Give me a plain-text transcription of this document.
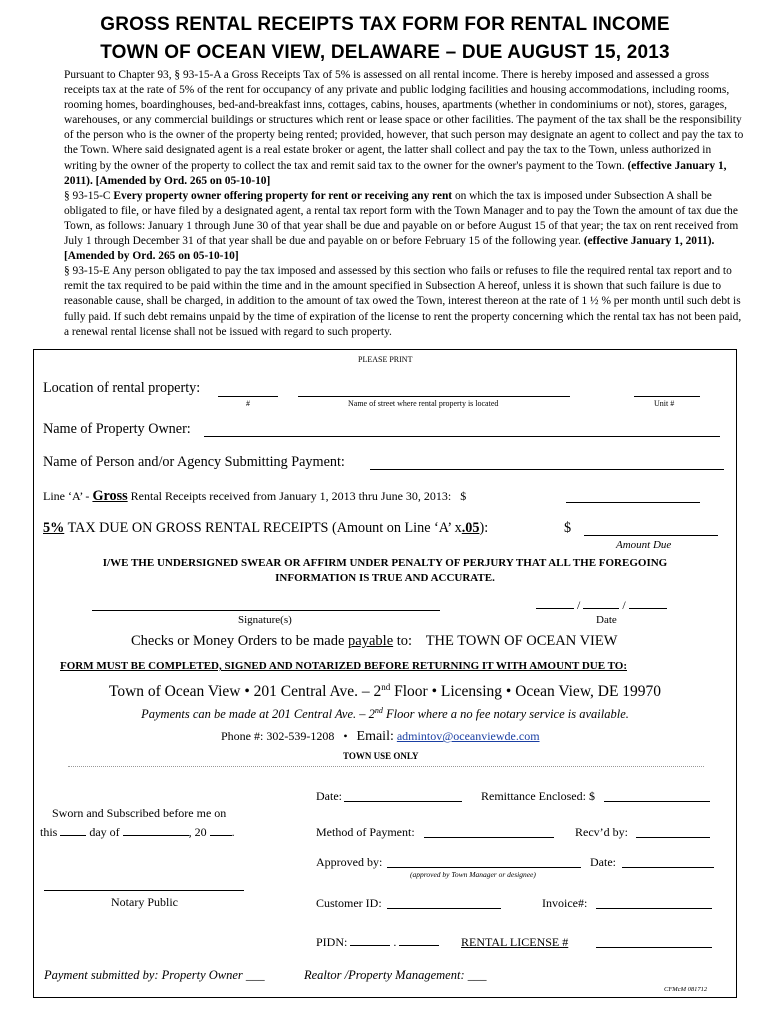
GROSS RENTAL RECEIPTS TAX FORM FOR RENTAL INCOME
TOWN OF OCEAN VIEW, DELAWARE – DUE AUGUST 15, 2013

Pursuant to Chapter 93, § 93-15-A a Gross Receipts Tax of 5% is assessed on all rental income. There is hereby imposed and assessed a gross receipts tax at the rate of 5% of the rent for occupancy of any private and public lodging facilities and housing accommodations, including rooms, rooming homes, boardinghouses, bed-and-breakfast inns, cottages, cabins, houses, apartments (whether in condominiums or not), stores, garages, warehouses, or any commercial buildings or structures which rent or lease space or other facilities. The payment of the tax shall be the responsibility of the person who is the owner of the property being rented; provided, however, that such person may designate an agent to collect and pay the tax to the Town. Where said designated agent is a real estate broker or agent, the latter shall collect and pay the tax to the Town, unless authorized in writing by the owner of the property to collect the tax and remit said tax to the owner for the owner's payment to the Town. (effective January 1, 2011). [Amended by Ord. 265 on 05-10-10]

§ 93-15-C Every property owner offering property for rent or receiving any rent on which the tax is imposed under Subsection A shall be obligated to file, or have filed by a designated agent, a rental tax report form with the Town Manager and to pay the Town the amount of tax due the Town, as follows: January 1 through June 30 of that year shall be due and payable on or before August 15 of that year; the tax on rent received from July 1 through December 31 of that year shall be due and payable on or before February 15 of the following year. (effective January 1, 2011). [Amended by Ord. 265 on 05-10-10]

§ 93-15-E Any person obligated to pay the tax imposed and assessed by this section who fails or refuses to file the required rental tax report and to remit the tax required to be paid within the time and in the amount specified in Subsection A hereof, unless it is shown that such failure is due to reasonable cause, shall be charged, in addition to the amount of tax owed the Town, interest thereon at the rate of 1 ½ % per month until such debt is fully paid. If such debt remains unpaid by the time of expiration of the license to rent the property concerning which the rental tax has not been paid, a renewal rental license shall not be issued with regard to such property.

PLEASE PRINT
Location of rental property:
#	Name of street where rental property is located	Unit #
Name of Property Owner:
Name of Person and/or Agency Submitting Payment:
Line ‘A’ - Gross Rental Receipts received from January 1, 2013 thru June 30, 2013: $
5% TAX DUE ON GROSS RENTAL RECEIPTS (Amount on Line ‘A’ x.05):	$
Amount Due
I/WE THE UNDERSIGNED SWEAR OR AFFIRM UNDER PENALTY OF PERJURY THAT ALL THE FOREGOING
INFORMATION IS TRUE AND ACCURATE.
Signature(s)
/	/
Date
Checks or Money Orders to be made payable to: THE TOWN OF OCEAN VIEW
FORM MUST BE COMPLETED, SIGNED AND NOTARIZED BEFORE RETURNING IT WITH AMOUNT DUE TO:
Town of Ocean View • 201 Central Ave. – 2nd Floor • Licensing • Ocean View, DE 19970
Payments can be made at 201 Central Ave. – 2nd Floor where a no fee notary service is available.
Phone #: 302-539-1208 • Email: admintov@oceanviewde.com
TOWN USE ONLY
Date:	Remittance Enclosed: $
Sworn and Subscribed before me on
this	day of	, 20 .	Method of Payment:	Recv’d by:
Approved by:	Date:
(approved by Town Manager or designee)
Notary Public	Customer ID:	Invoice#:
PIDN:	.	RENTAL LICENSE #
Payment submitted by: Property Owner ___	Realtor /Property Management: ___
CFMcM 081712
